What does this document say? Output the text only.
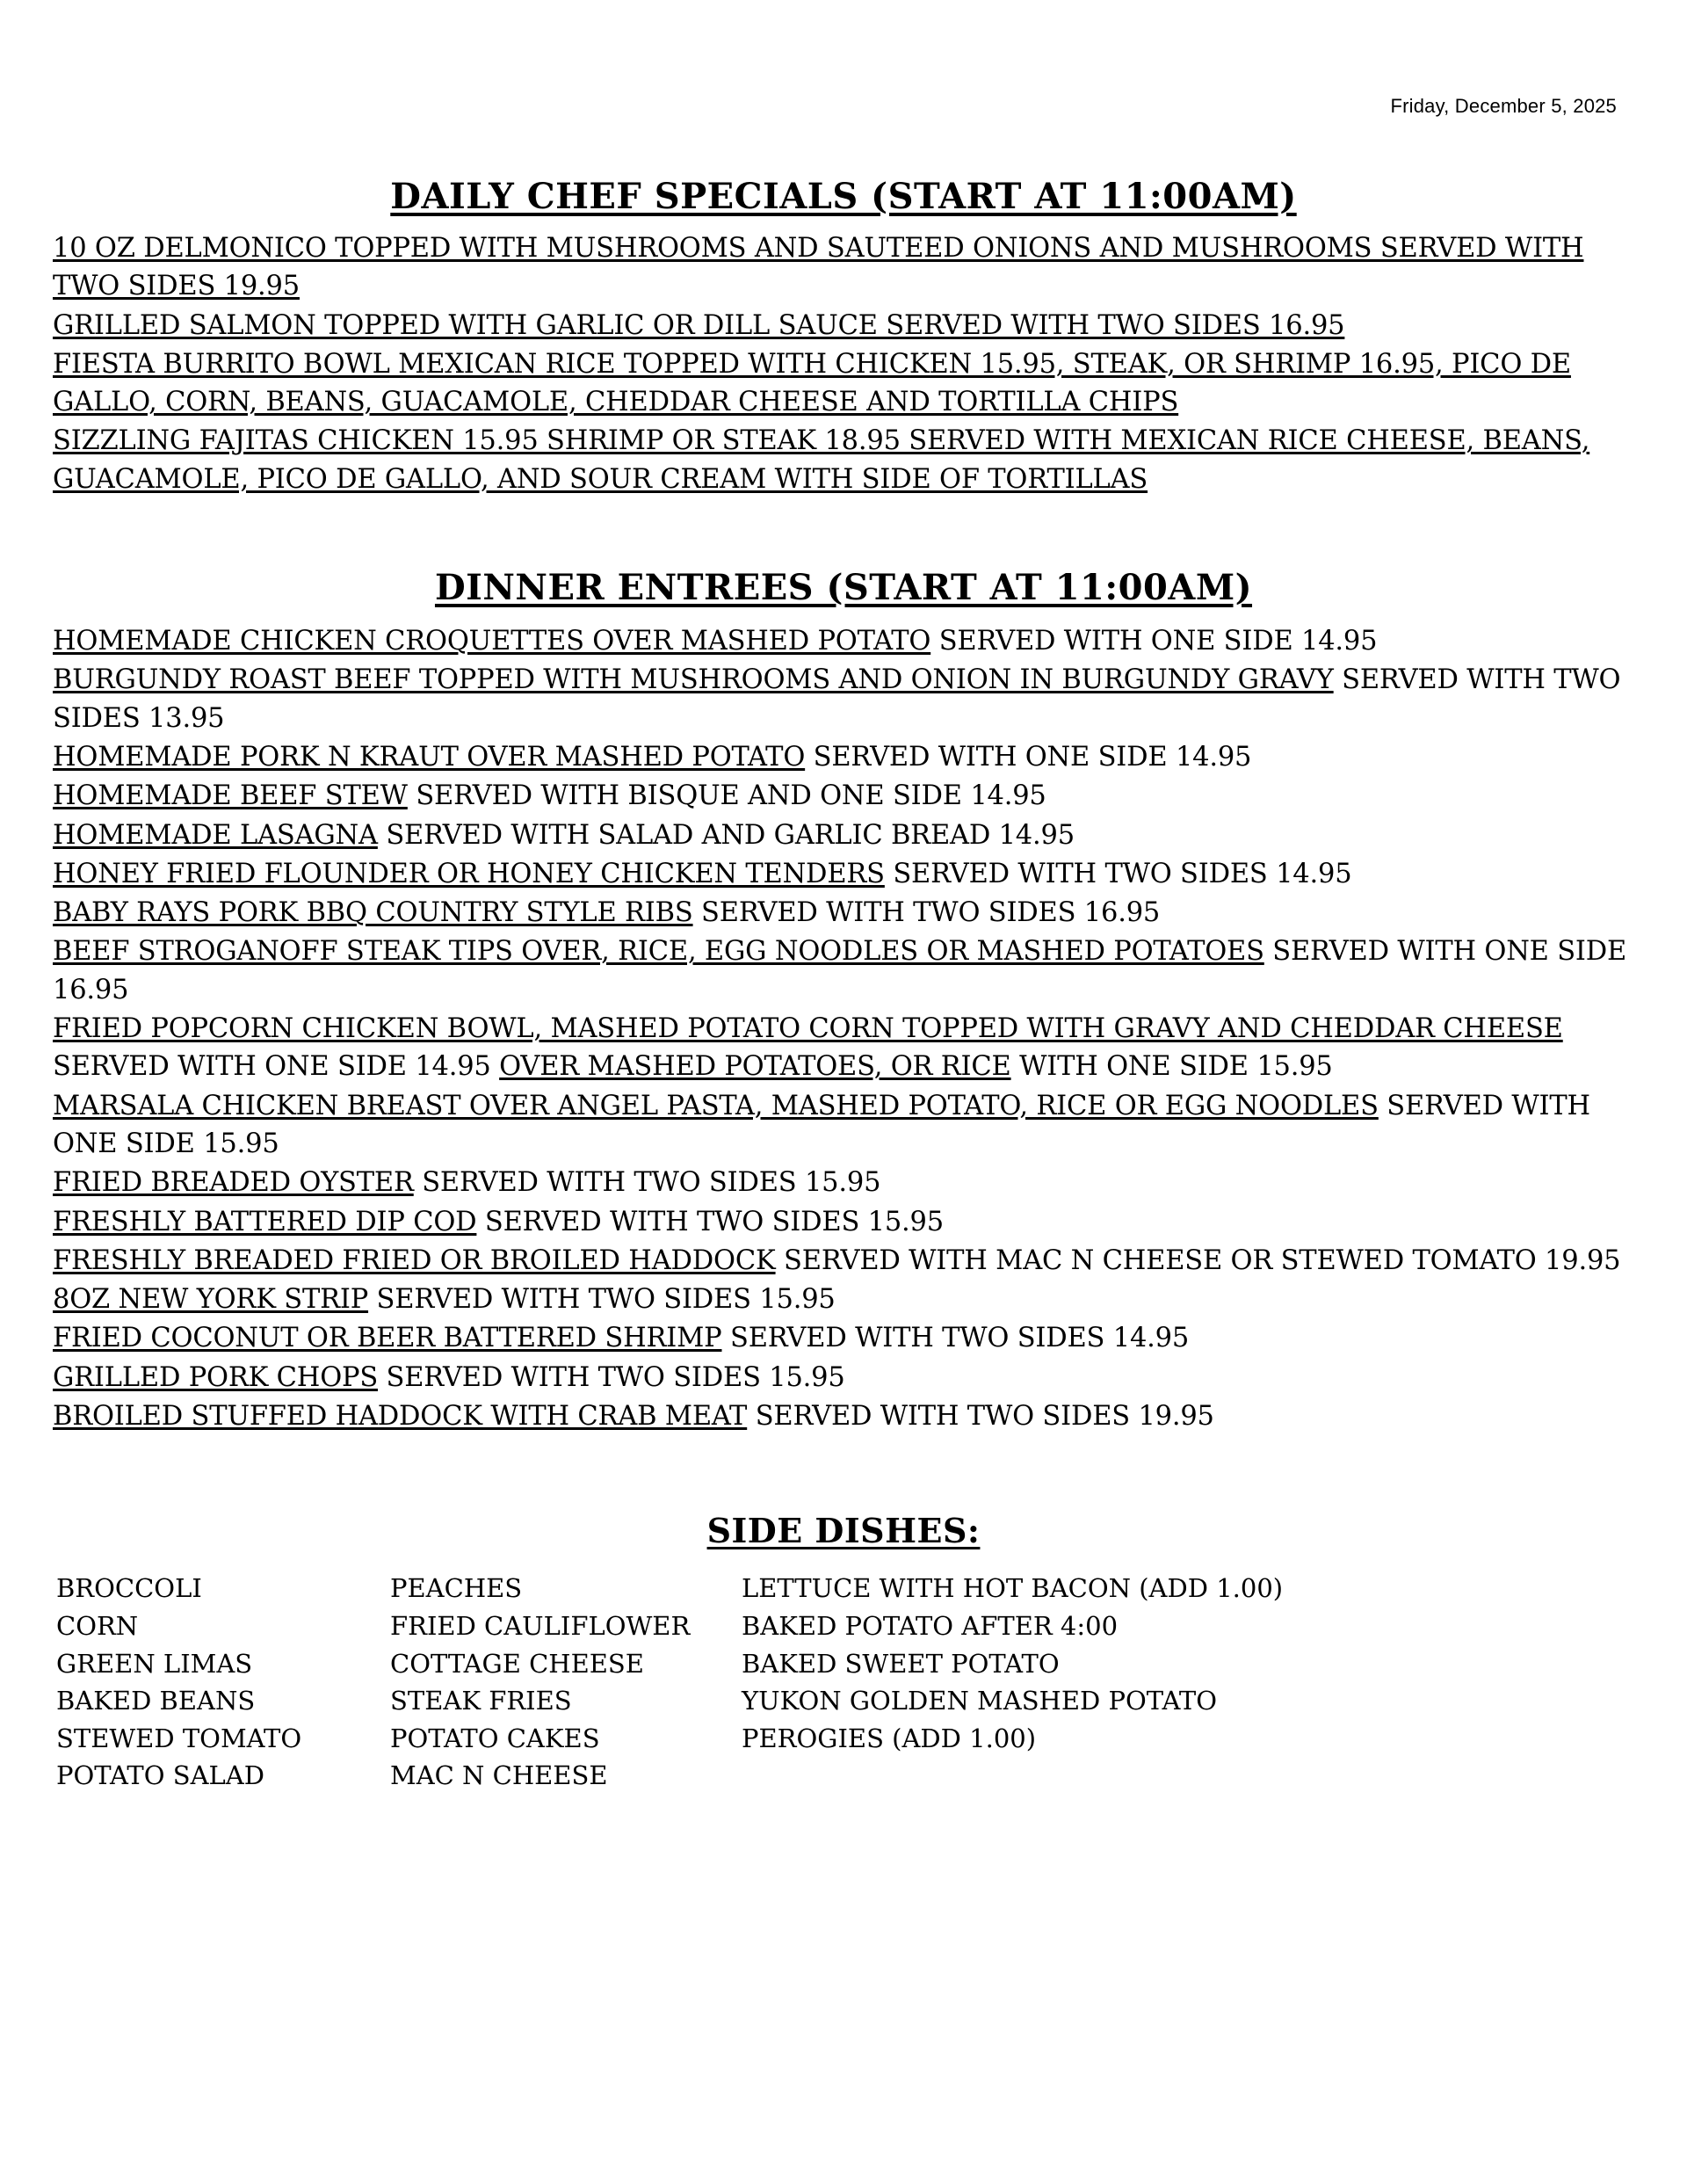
Friday, December 5, 2025
DAILY CHEF SPECIALS (START AT 11:00AM)
10 OZ DELMONICO TOPPED WITH MUSHROOMS AND SAUTEED ONIONS AND MUSHROOMS SERVED WITH TWO SIDES 19.95
GRILLED SALMON TOPPED WITH GARLIC OR DILL SAUCE SERVED WITH TWO SIDES 16.95
FIESTA BURRITO BOWL MEXICAN RICE TOPPED WITH CHICKEN 15.95, STEAK, OR SHRIMP 16.95, PICO DE GALLO, CORN, BEANS, GUACAMOLE, CHEDDAR CHEESE AND TORTILLA CHIPS
SIZZLING FAJITAS CHICKEN 15.95 SHRIMP OR STEAK 18.95 SERVED WITH MEXICAN RICE CHEESE, BEANS, GUACAMOLE, PICO DE GALLO, AND SOUR CREAM WITH SIDE OF TORTILLAS
DINNER ENTREES (START AT 11:00AM)
HOMEMADE CHICKEN CROQUETTES OVER MASHED POTATO SERVED WITH ONE SIDE 14.95
BURGUNDY ROAST BEEF TOPPED WITH MUSHROOMS AND ONION IN BURGUNDY GRAVY SERVED WITH TWO SIDES 13.95
HOMEMADE PORK N KRAUT OVER MASHED POTATO SERVED WITH ONE SIDE 14.95
HOMEMADE BEEF STEW SERVED WITH BISQUE AND ONE SIDE 14.95
HOMEMADE LASAGNA SERVED WITH SALAD AND GARLIC BREAD 14.95
HONEY FRIED FLOUNDER OR HONEY CHICKEN TENDERS SERVED WITH TWO SIDES 14.95
BABY RAYS PORK BBQ COUNTRY STYLE RIBS SERVED WITH TWO SIDES 16.95
BEEF STROGANOFF STEAK TIPS OVER, RICE, EGG NOODLES OR MASHED POTATOES SERVED WITH ONE SIDE 16.95
FRIED POPCORN CHICKEN BOWL, MASHED POTATO CORN TOPPED WITH GRAVY AND CHEDDAR CHEESE SERVED WITH ONE SIDE 14.95 OVER MASHED POTATOES, OR RICE WITH ONE SIDE 15.95
MARSALA CHICKEN BREAST OVER ANGEL PASTA, MASHED POTATO, RICE OR EGG NOODLES SERVED WITH ONE SIDE 15.95
FRIED BREADED OYSTER SERVED WITH TWO SIDES 15.95
FRESHLY BATTERED DIP COD SERVED WITH TWO SIDES 15.95
FRESHLY BREADED FRIED OR BROILED HADDOCK SERVED WITH MAC N CHEESE OR STEWED TOMATO 19.95
8OZ NEW YORK STRIP SERVED WITH TWO SIDES 15.95
FRIED COCONUT OR BEER BATTERED SHRIMP SERVED WITH TWO SIDES 14.95
GRILLED PORK CHOPS SERVED WITH TWO SIDES 15.95
BROILED STUFFED HADDOCK WITH CRAB MEAT SERVED WITH TWO SIDES 19.95
SIDE DISHES:
BROCCOLI
CORN
GREEN LIMAS
BAKED BEANS
STEWED TOMATO
POTATO SALAD
PEACHES
FRIED CAULIFLOWER
COTTAGE CHEESE
STEAK FRIES
POTATO CAKES
MAC N CHEESE
LETTUCE WITH HOT BACON (ADD 1.00)
BAKED POTATO AFTER 4:00
BAKED SWEET POTATO
YUKON GOLDEN MASHED POTATO
PEROGIES (ADD 1.00)
